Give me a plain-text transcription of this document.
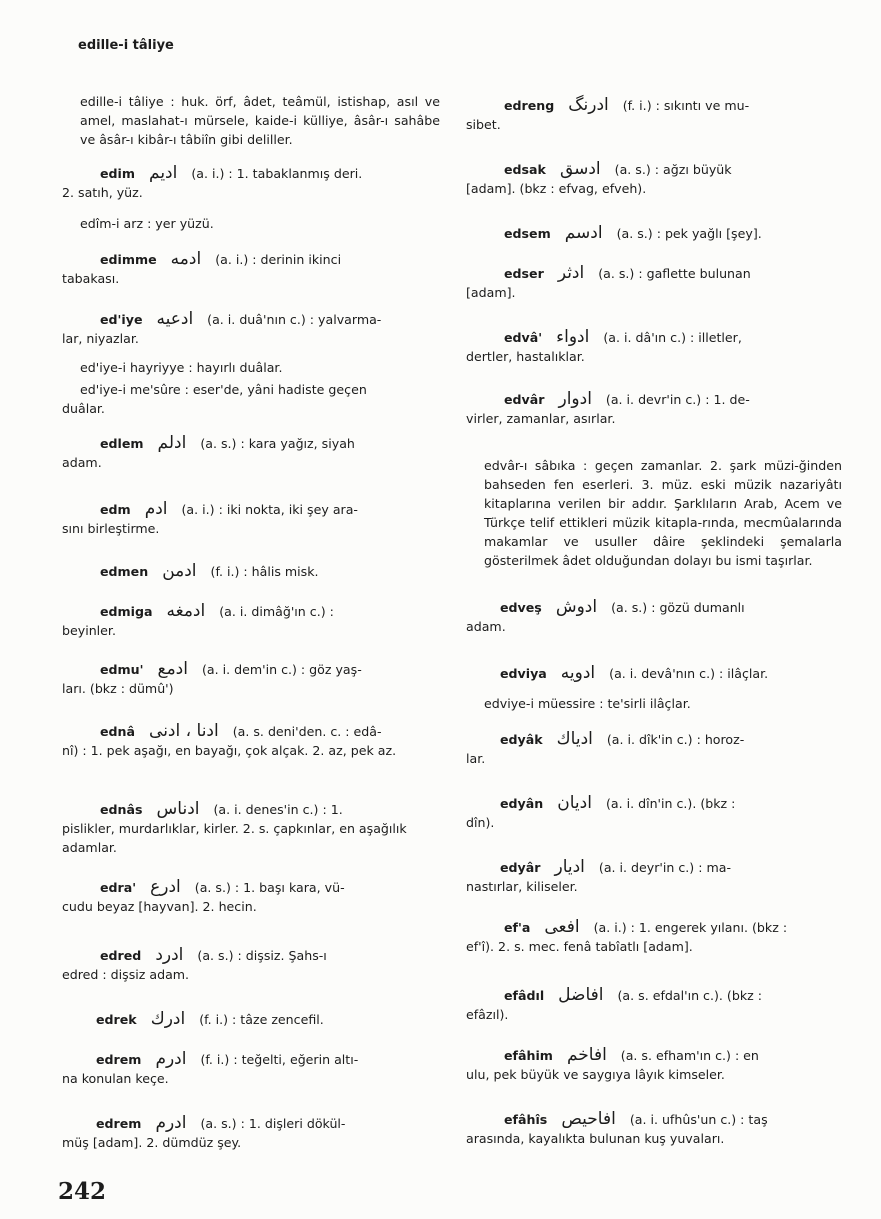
edille-i tâliye

edille-i tâliye : huk. örf, âdet, teâmül, istishap, asıl ve amel, maslahat-ı mürsele, kaide-i külliye, âsâr-ı sahâbe ve âsâr-ı kibâr-ı tâbiîn gibi deliller.

edim ادیم (a. i.) : 1. tabaklanmış deri.

2. satıh, yüz.

edîm-i arz : yer yüzü.

edimme ادمه (a. i.) : derinin ikinci

tabakası.

ed'iye ادعیه (a. i. duâ'nın c.) : yalvarma-

lar, niyazlar.

ed'iye-i hayriyye : hayırlı duâlar.

ed'iye-i me'sûre : eser'de, yâni hadiste geçen

duâlar.

edlem ادلم (a. s.) : kara yağız, siyah

adam.

edm ادم (a. i.) : iki nokta, iki şey ara-

sını birleştirme.

edmen ادمن (f. i.) : hâlis misk.

edmiga ادمغه (a. i. dimâğ'ın c.) :

beyinler.

edmu' ادمع (a. i. dem'in c.) : göz yaş-

ları. (bkz : dümû')

ednâ ادنا ، ادنی (a. s. deni'den. c. : edâ-

nî) : 1. pek aşağı, en bayağı, çok alçak. 2. az, pek az.

ednâs ادناس (a. i. denes'in c.) : 1.

pislikler, murdarlıklar, kirler. 2. s. çapkınlar, en aşağılık adamlar.

edra' ادرع (a. s.) : 1. başı kara, vü-

cudu beyaz [hayvan]. 2. hecin.

edred ادرد (a. s.) : dişsiz. Şahs-ı

edred : dişsiz adam.

edrek ادرك (f. i.) : tâze zencefil.

edrem ادرم (f. i.) : teğelti, eğerin altı-

na konulan keçe.

edrem ادرم (a. s.) : 1. dişleri dökül-

müş [adam]. 2. dümdüz şey.

edreng ادرنگ (f. i.) : sıkıntı ve mu-

sibet.

edsak ادسق (a. s.) : ağzı büyük

[adam]. (bkz : efvag, efveh).

edsem ادسم (a. s.) : pek yağlı [şey].

edser ادثر (a. s.) : gaflette bulunan

[adam].

edvâ' ادواء (a. i. dâ'ın c.) : illetler,

dertler, hastalıklar.

edvâr ادوار (a. i. devr'in c.) : 1. de-

virler, zamanlar, asırlar.

edvâr-ı sâbıka : geçen zamanlar. 2. şark müzi-ğinden bahseden fen eserleri. 3. müz. eski müzik nazariyâtı kitaplarına verilen bir addır. Şarklıların Arab, Acem ve Türkçe telif ettikleri müzik kitapla-rında, mecmûalarında makamlar ve usuller dâire şeklindeki şemalarla gösterilmek âdet olduğundan dolayı bu ismi taşırlar.

edveş ادوش (a. s.) : gözü dumanlı

adam.

edviya ادویه (a. i. devâ'nın c.) : ilâçlar.

edviye-i müessire : te'sirli ilâçlar.

edyâk ادیاك (a. i. dîk'in c.) : horoz-

lar.

edyân ادیان (a. i. dîn'in c.). (bkz :

dîn).

edyâr ادیار (a. i. deyr'in c.) : ma-

nastırlar, kiliseler.

ef'a افعی (a. i.) : 1. engerek yılanı. (bkz :

ef'î). 2. s. mec. fenâ tabîatlı [adam].

efâdıl افاضل (a. s. efdal'ın c.). (bkz :

efâzıl).

efâhim افاخم (a. s. efham'ın c.) : en

ulu, pek büyük ve saygıya lâyık kimseler.

efâhîs افاحیص (a. i. ufhûs'un c.) : taş

arasında, kayalıkta bulunan kuş yuvaları.

242
